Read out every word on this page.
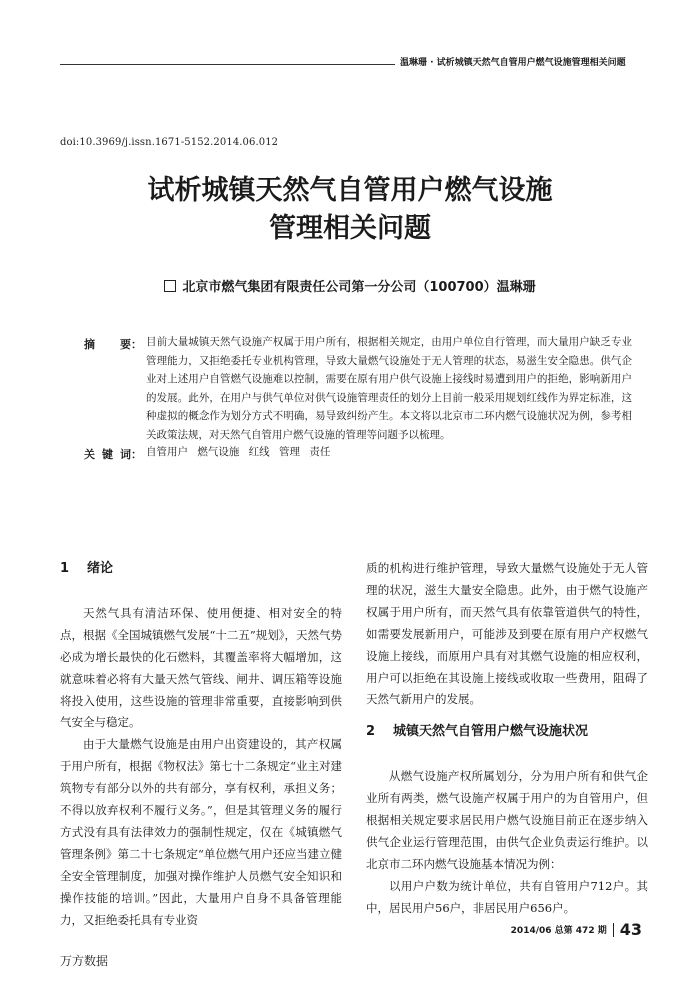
温琳珊 · 试析城镇天然气自管用户燃气设施管理相关问题
doi:10.3969/j.issn.1671-5152.2014.06.012
试析城镇天然气自管用户燃气设施
管理相关问题
北京市燃气集团有限责任公司第一分公司（100700）温琳珊
摘 要： 目前大量城镇天然气设施产权属于用户所有，根据相关规定，由用户单位自行管理，而大量用户缺乏专业管理能力，又拒绝委托专业机构管理，导致大量燃气设施处于无人管理的状态，易滋生安全隐患。供气企业对上述用户自管燃气设施难以控制，需要在原有用户供气设施上接线时易遭到用户的拒绝，影响新用户的发展。此外，在用户与供气单位对供气设施管理责任的划分上目前一般采用规划红线作为界定标准，这种虚拟的概念作为划分方式不明确，易导致纠纷产生。本文将以北京市二环内燃气设施状况为例，参考相关政策法规，对天然气自管用户燃气设施的管理等问题予以梳理。
关 键 词： 自管用户 燃气设施 红线 管理 责任
1 绪论

天然气具有清洁环保、使用便捷、相对安全的特点，根据《全国城镇燃气发展“十二五”规划》，天然气势必成为增长最快的化石燃料，其覆盖率将大幅增加，这就意味着必将有大量天然气管线、闸井、调压箱等设施将投入使用，这些设施的管理非常重要，直接影响到供气安全与稳定。

由于大量燃气设施是由用户出资建设的，其产权属于用户所有，根据《物权法》第七十二条规定“业主对建筑物专有部分以外的共有部分，享有权利，承担义务；不得以放弃权利不履行义务。”，但是其管理义务的履行方式没有具有法律效力的强制性规定，仅在《城镇燃气管理条例》第二十七条规定“单位燃气用户还应当建立健全安全管理制度，加强对操作维护人员燃气安全知识和操作技能的培训。”因此，大量用户自身不具备管理能力，又拒绝委托具有专业资

质的机构进行维护管理，导致大量燃气设施处于无人管理的状况，滋生大量安全隐患。此外，由于燃气设施产权属于用户所有，而天然气具有依靠管道供气的特性，如需要发展新用户，可能涉及到要在原有用户产权燃气设施上接线，而原用户具有对其燃气设施的相应权利，用户可以拒绝在其设施上接线或收取一些费用，阻碍了天然气新用户的发展。

2 城镇天然气自管用户燃气设施状况

从燃气设施产权所属划分，分为用户所有和供气企业所有两类，燃气设施产权属于用户的为自管用户，但根据相关规定要求居民用户燃气设施目前正在逐步纳入供气企业运行管理范围，由供气企业负责运行维护。以北京市二环内燃气设施基本情况为例：

以用户户数为统计单位，共有自管用户712户。其中，居民用户56户，非居民用户656户。

2014/06 总第 472 期 43
万方数据
